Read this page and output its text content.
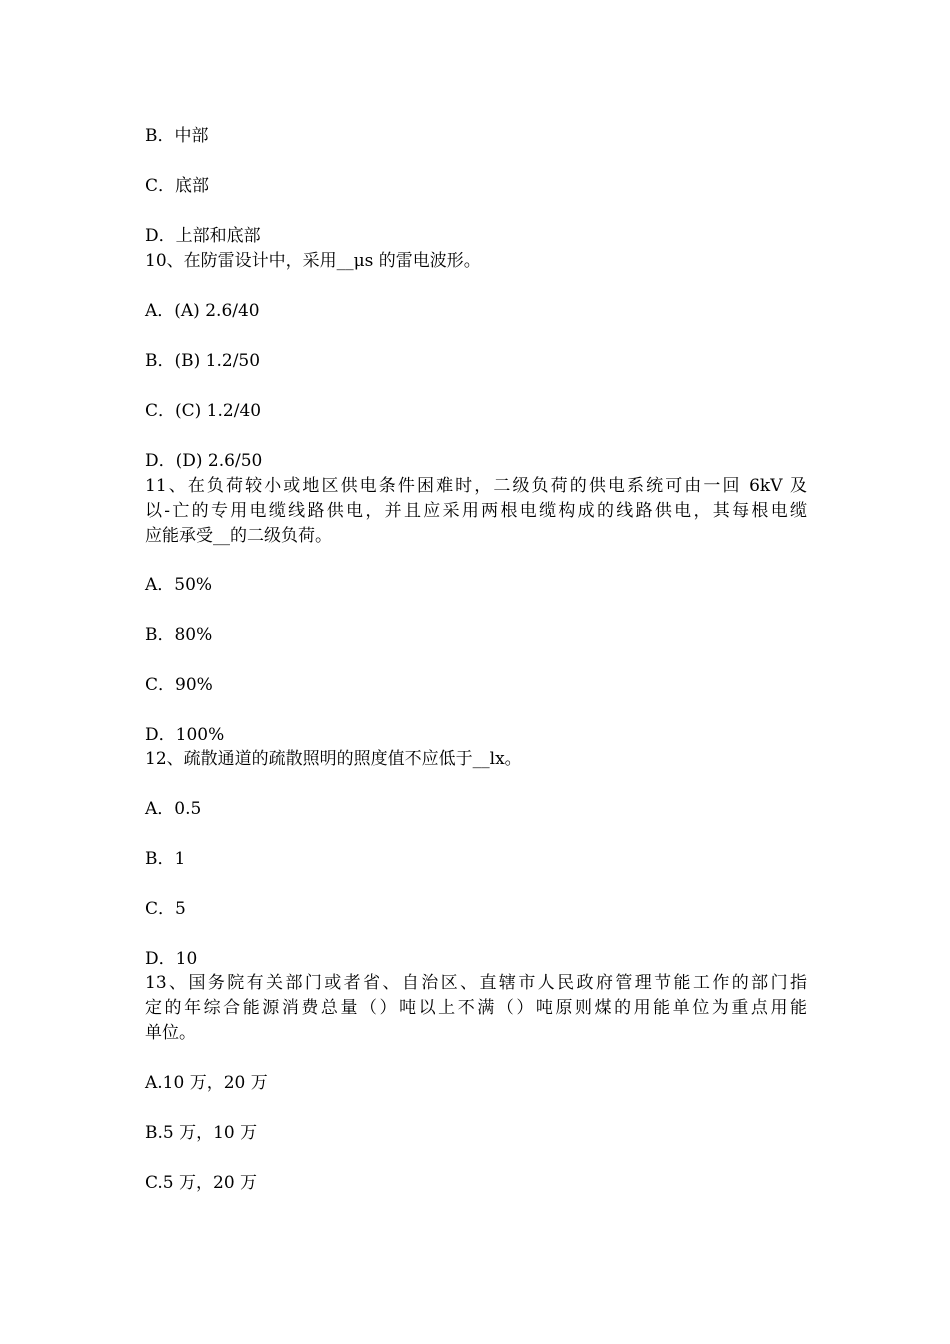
B．中部
C．底部
D．上部和底部
10、在防雷设计中，采用__μs 的雷电波形。
A．(A) 2.6/40
B．(B) 1.2/50
C．(C) 1.2/40
D．(D) 2.6/50
11、在负荷较小或地区供电条件困难时，二级负荷的供电系统可由一回 6kV 及
以-亡的专用电缆线路供电，并且应采用两根电缆构成的线路供电，其每根电缆
应能承受__的二级负荷。
A．50%
B．80%
C．90%
D．100%
12、疏散通道的疏散照明的照度值不应低于__lx。
A．0.5
B．1
C．5
D．10
13、国务院有关部门或者省、自治区、直辖市人民政府管理节能工作的部门指
定的年综合能源消费总量（）吨以上不满（）吨原则煤的用能单位为重点用能
单位。
A.10 万，20 万
B.5 万，10 万
C.5 万，20 万
